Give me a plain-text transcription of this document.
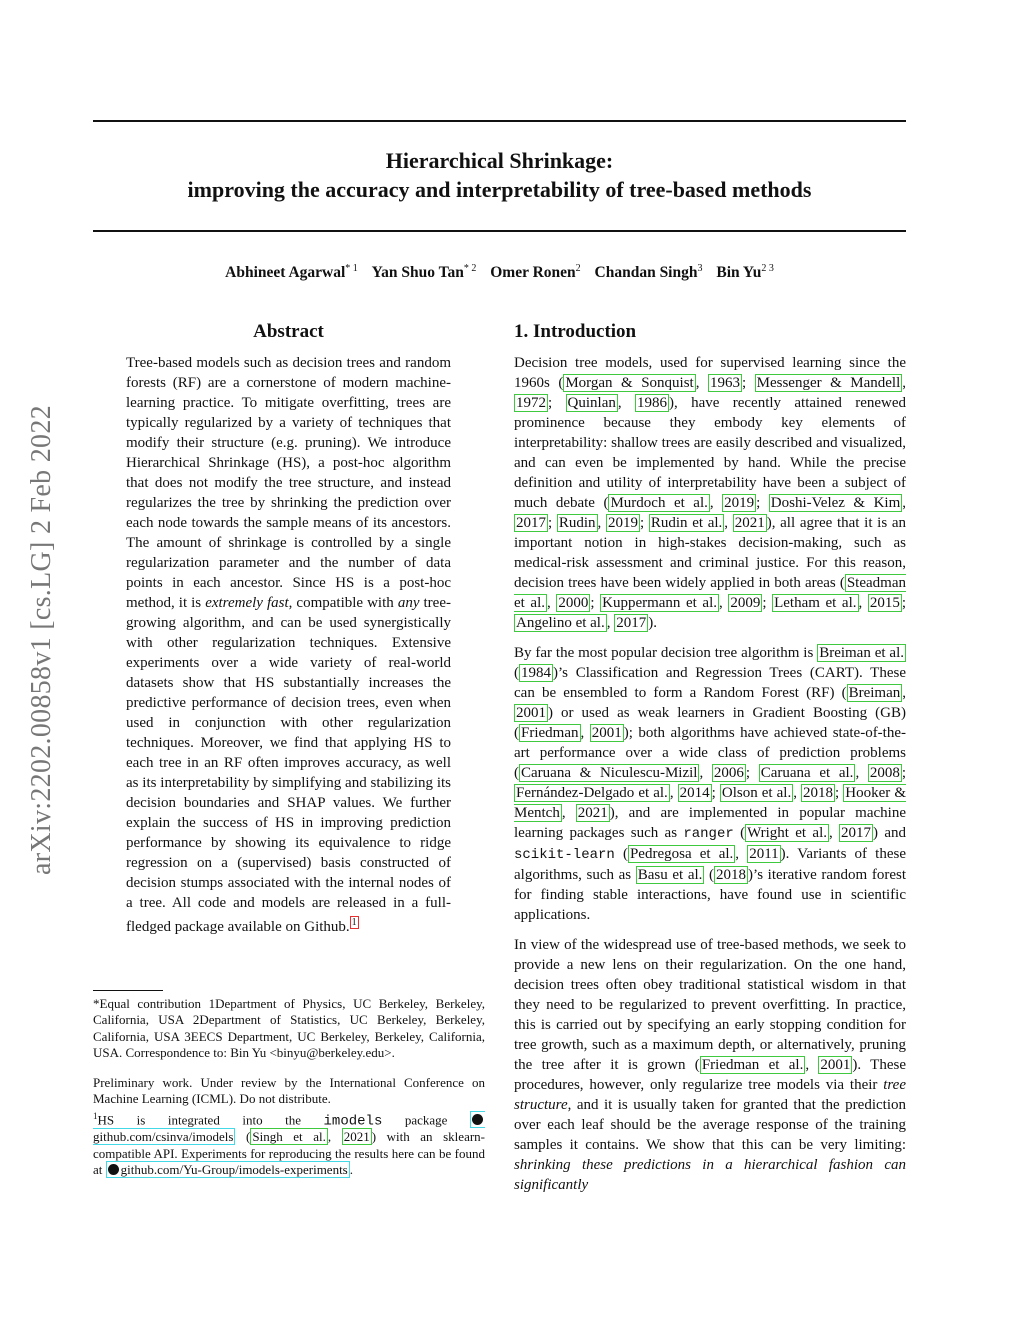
Hierarchical Shrinkage:
improving the accuracy and interpretability of tree-based methods
Abhineet Agarwal$^{* 1}$ Yan Shuo Tan$^{* 2}$ Omer Ronen$^2$ Chandan Singh$^3$ Bin $Yu^{2 3}$
arXiv:2202.00858v1 [cs.LG] 2 Feb 2022
Abstract

Tree-based models such as decision trees and random forests (RF) are a cornerstone of modern machine-learning practice. To mitigate overfitting, trees are typically regularized by a variety of techniques that modify their structure (e.g. pruning). We introduce Hierarchical Shrinkage (HS), a post-hoc algorithm that does not modify the tree structure, and instead regularizes the tree by shrinking the prediction over each node towards the sample means of its ancestors. The amount of shrinkage is controlled by a single regularization parameter and the number of data points in each ancestor. Since HS is a post-hoc method, it is extremely fast, compatible with any tree-growing algorithm, and can be used synergistically with other regularization techniques. Extensive experiments over a wide variety of real-world datasets show that HS substantially increases the predictive performance of decision trees, even when used in conjunction with other regularization techniques. Moreover, we find that applying HS to each tree in an RF often improves accuracy, as well as its interpretability by simplifying and stabilizing its decision boundaries and SHAP values. We further explain the success of HS in improving prediction performance by showing its equivalence to ridge regression on a (supervised) basis constructed of decision stumps associated with the internal nodes of a tree. All code and models are released in a full-fledged package available on Github. $^1$

*Equal contribution 1Department of Physics, UC Berkeley, Berkeley, California, USA 2Department of Statistics, UC Berkeley, Berkeley, California, USA 3EECS Department, UC Berkeley, Berkeley, California, USA. Correspondence to: Bin Yu <binyu@berkeley.edu>.

Preliminary work. Under review by the International Conference on Machine Learning (ICML). Do not distribute.

$^1$HS is integrated into the imodels package github.com/csinva/imodels ( Singh et al. , 2021 ) with an sklearn-compatible API. Experiments for reproducing the results here can be found at github.com/Yu-Group/imodels-experiments .

1. Introduction

Decision tree models, used for supervised learning since the 1960s ( Morgan & Sonquist , 1963 ; Messenger & Mandell , 1972 ; Quinlan , 1986 ), have recently attained renewed prominence because they embody key elements of interpretability: shallow trees are easily described and visualized, and can even be implemented by hand. While the precise definition and utility of interpretability have been a subject of much debate ( Murdoch et al. , 2019 ; Doshi-Velez & Kim , 2017 ; Rudin , 2019 ; Rudin et al. , 2021 ), all agree that it is an important notion in high-stakes decision-making, such as medical-risk assessment and criminal justice. For this reason, decision trees have been widely applied in both areas ( Steadman et al. , 2000 ; Kuppermann et al. , 2009 ; Letham et al. , 2015 ; Angelino et al. , 2017 ).

By far the most popular decision tree algorithm is Breiman et al. ( 1984 )’s Classification and Regression Trees (CART). These can be ensembled to form a Random Forest (RF) ( Breiman , 2001 ) or used as weak learners in Gradient Boosting (GB) ( Friedman , 2001 ); both algorithms have achieved state-of-the-art performance over a wide class of prediction problems ( Caruana & Niculescu-Mizil , 2006 ; Caruana et al. , 2008 ; Fernández-Delgado et al. , 2014 ; Olson et al. , 2018 ; Hooker & Mentch , 2021 ), and are implemented in popular machine learning packages such as ranger ( Wright et al. , 2017 ) and scikit-learn ( Pedregosa et al. , 2011 ). Variants of these algorithms, such as Basu et al. ( 2018 )’s iterative random forest for finding stable interactions, have found use in scientific applications.

In view of the widespread use of tree-based methods, we seek to provide a new lens on their regularization. On the one hand, decision trees often obey traditional statistical wisdom in that they need to be regularized to prevent overfitting. In practice, this is carried out by specifying an early stopping condition for tree growth, such as a maximum depth, or alternatively, pruning the tree after it is grown ( Friedman et al. , 2001 ). These procedures, however, only regularize tree models via their tree structure, and it is usually taken for granted that the prediction over each leaf should be the average response of the training samples it contains. We show that this can be very limiting: shrinking these predictions in a hierarchical fashion can significantly
